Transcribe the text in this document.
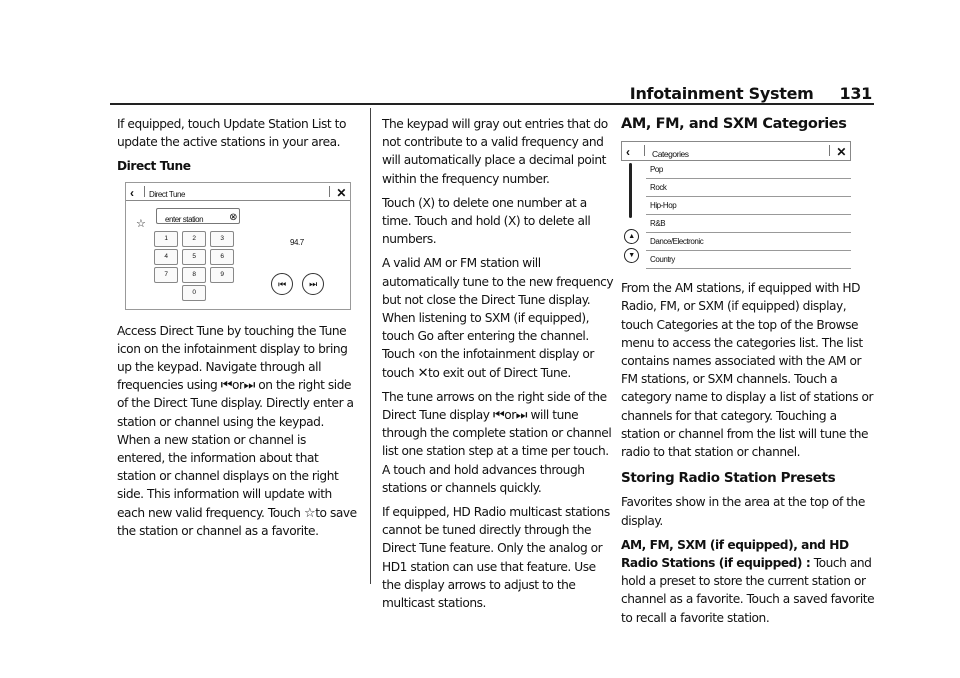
Infotainment System 131

If equipped, touch Update Station List to update the active stations in your area.

Direct Tune

‹ Direct Tune	✕
☆ enter station	⊗
1	2	3
4	5	6
7	8	9
0
94.7
⏮	⏭

Access Direct Tune by touching the Tune icon on the infotainment display to bring up the keypad. Navigate through all frequencies using ⏮or⏭ on the right side of the Direct Tune display. Directly enter a station or channel using the keypad. When a new station or channel is entered, the information about that station or channel displays on the right side. This information will update with each new valid frequency. Touch ☆to save the station or channel as a favorite.

The keypad will gray out entries that do not contribute to a valid frequency and will automatically place a decimal point within the frequency number.

Touch (X) to delete one number at a time. Touch and hold (X) to delete all numbers.

A valid AM or FM station will automatically tune to the new frequency but not close the Direct Tune display. When listening to SXM (if equipped), touch Go after entering the channel. Touch ‹on the infotainment display or touch ✕to exit out of Direct Tune.

The tune arrows on the right side of the Direct Tune display ⏮or⏭ will tune through the complete station or channel list one station step at a time per touch. A touch and hold advances through stations or channels quickly.

If equipped, HD Radio multicast stations cannot be tuned directly through the Direct Tune feature. Only the analog or HD1 station can use that feature. Use the display arrows to adjust to the multicast stations.

AM, FM, and SXM Categories
‹	Categories	✕
▲
▼
Pop
Rock
Hip-Hop
R&B
Dance/Electronic
Country

From the AM stations, if equipped with HD Radio, FM, or SXM (if equipped) display, touch Categories at the top of the Browse menu to access the categories list. The list contains names associated with the AM or FM stations, or SXM channels. Touch a category name to display a list of stations or channels for that category. Touching a station or channel from the list will tune the radio to that station or channel.

Storing Radio Station Presets

Favorites show in the area at the top of the display.

AM, FM, SXM (if equipped), and HD Radio Stations (if equipped) : Touch and hold a preset to store the current station or channel as a favorite. Touch a saved favorite to recall a favorite station.
